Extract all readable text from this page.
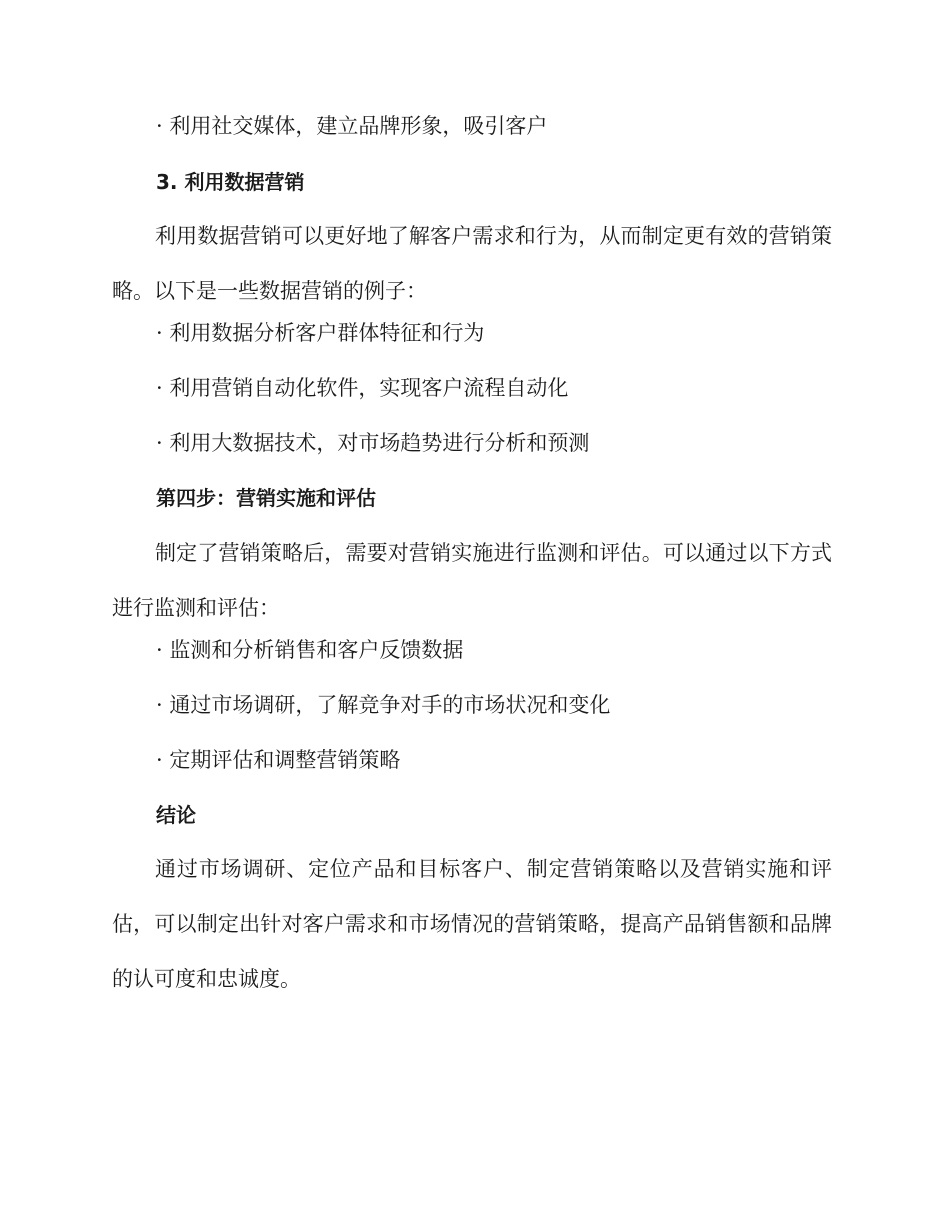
· 利用社交媒体，建立品牌形象，吸引客户
3. 利用数据营销
利用数据营销可以更好地了解客户需求和行为，从而制定更有效的营销策略。以下是一些数据营销的例子：
· 利用数据分析客户群体特征和行为
· 利用营销自动化软件，实现客户流程自动化
· 利用大数据技术，对市场趋势进行分析和预测
第四步：营销实施和评估
制定了营销策略后，需要对营销实施进行监测和评估。可以通过以下方式进行监测和评估：
· 监测和分析销售和客户反馈数据
· 通过市场调研，了解竞争对手的市场状况和变化
· 定期评估和调整营销策略
结论
通过市场调研、定位产品和目标客户、制定营销策略以及营销实施和评估，可以制定出针对客户需求和市场情况的营销策略，提高产品销售额和品牌的认可度和忠诚度。
